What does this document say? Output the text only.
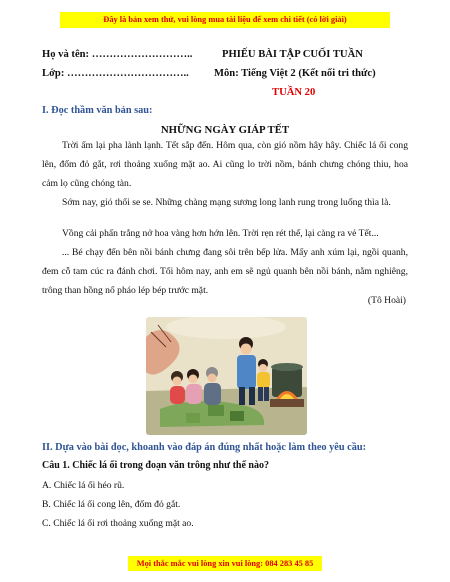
Đây là bản xem thử, vui lòng mua tài liệu để xem chi tiết (có lời giải)
Họ và tên: ………………………..	PHIẾU BÀI TẬP CUỐI TUẦN
Lớp: …………………………….. Môn: Tiếng Việt 2 (Kết nối tri thức)
TUẦN 20
I. Đọc thầm văn bản sau:
NHỮNG NGÀY GIÁP TẾT
Trời ấm lại pha lành lạnh. Tết sắp đến. Hôm qua, còn gió nồm hây hây. Chiếc lá ối cong lên, đốm đỏ gắt, rơi thoảng xuống mặt ao. Ai cũng lo trời nồm, bánh chưng chóng thiu, hoa cảm lọ cũng chóng tàn.
Sớm nay, gió thổi se se. Những chàng mạng sương long lanh rung trong luống thìa là.
Vồng cải phấn trắng nở hoa vàng hơn hớn lên. Trời rẹn rét thế, lại càng ra vẻ Tết...
... Bé chạy đến bên nồi bánh chưng đang sôi trên bếp lửa. Mấy anh xúm lại, ngồi quanh, đem cỗ tam cúc ra đánh chơi. Tối hôm nay, anh em sẽ ngủ quanh bên nồi bánh, nằm nghiêng, trông than hồng nổ pháo lép bép trước mặt.
(Tô Hoài)
II. Dựa vào bài đọc, khoanh vào đáp án đúng nhất hoặc làm theo yêu cầu:
Câu 1. Chiếc lá ối trong đoạn văn trông như thế nào?
A. Chiếc lá ối héo rũ.
B. Chiếc lá ối cong lên, đốm đỏ gắt.
C. Chiếc lá ối rơi thoảng xuống mặt ao.
Mọi thắc mắc vui lòng xin vui lòng: 084 283 45 85
